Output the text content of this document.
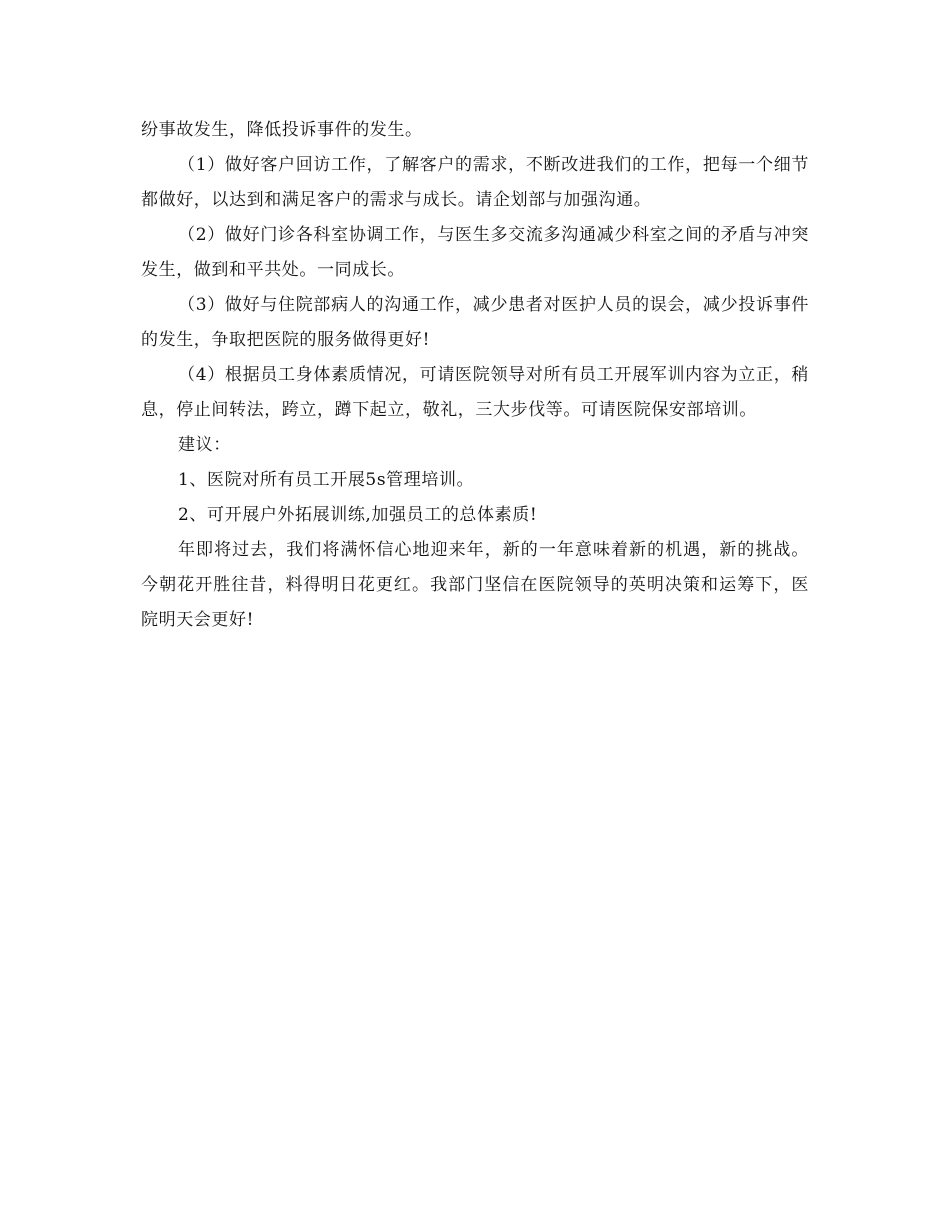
纷事故发生，降低投诉事件的发生。

（1）做好客户回访工作，了解客户的需求，不断改进我们的工作，把每一个细节都做好，以达到和满足客户的需求与成长。请企划部与加强沟通。

（2）做好门诊各科室协调工作，与医生多交流多沟通减少科室之间的矛盾与冲突发生，做到和平共处。一同成长。

（3）做好与住院部病人的沟通工作，减少患者对医护人员的误会，减少投诉事件的发生，争取把医院的服务做得更好!

（4）根据员工身体素质情况，可请医院领导对所有员工开展军训内容为立正，稍息，停止间转法，跨立，蹲下起立，敬礼，三大步伐等。可请医院保安部培训。

建议：

1、医院对所有员工开展5s管理培训。

2、可开展户外拓展训练,加强员工的总体素质!

年即将过去，我们将满怀信心地迎来年，新的一年意味着新的机遇，新的挑战。今朝花开胜往昔，料得明日花更红。我部门坚信在医院领导的英明决策和运筹下，医院明天会更好!
